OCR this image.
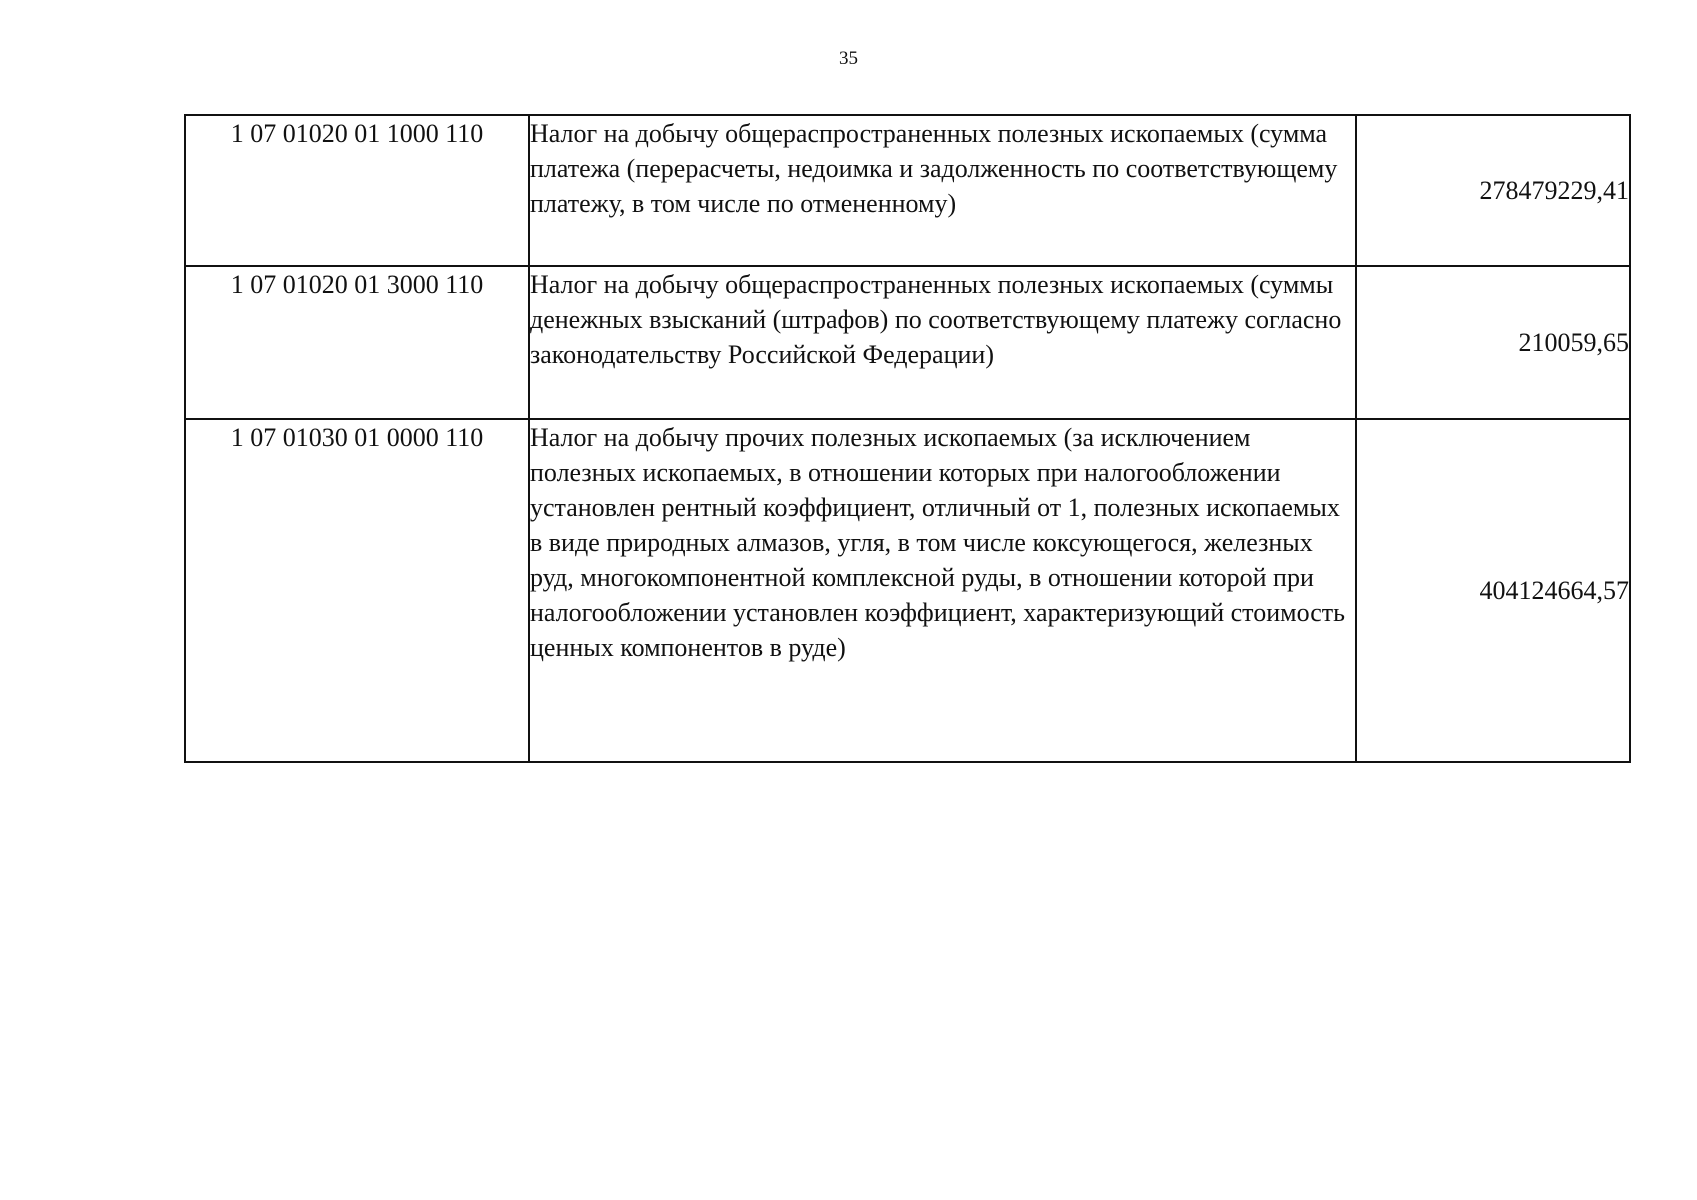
35
1 07 01020 01 1000 110	Налог на добычу общераспространенных полезных ископаемых (сумма платежа (перерасчеты, недоимка и задолженность по соответствующему платежу, в том числе по отмененному)	278479229,41
1 07 01020 01 3000 110	Налог на добычу общераспространенных полезных ископаемых (суммы денежных взысканий (штрафов) по соответствующему платежу согласно законодательству Российской Федерации)	210059,65
1 07 01030 01 0000 110	Налог на добычу прочих полезных ископаемых (за исключением полезных ископаемых, в отношении которых при налогообложении установлен рентный коэффициент, отличный от 1, полезных ископаемых в виде природных алмазов, угля, в том числе коксующегося, железных руд, многокомпонентной комплексной руды, в отношении которой при налогообложении установлен коэффициент, характеризующий стоимость ценных компонентов в руде)	404124664,57
